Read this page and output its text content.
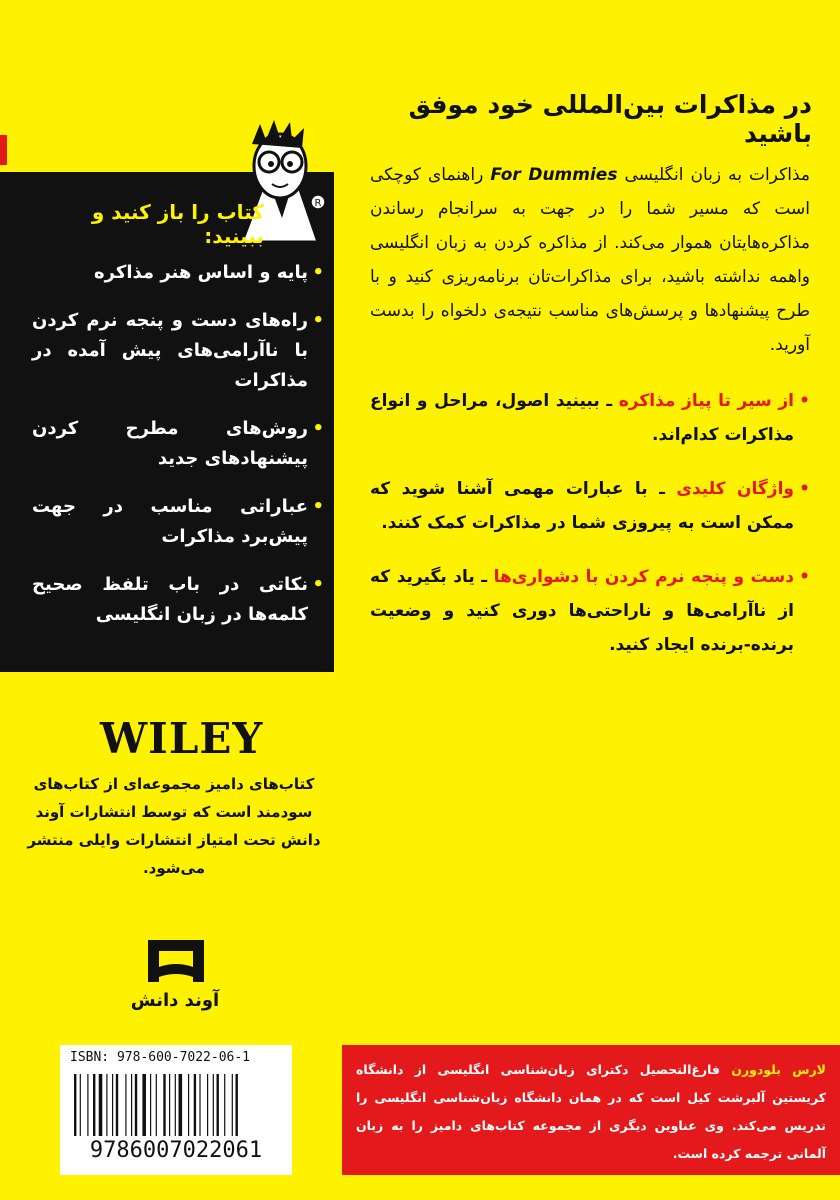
در مذاکرات بین‌المللی خود موفق باشید

مذاکرات به زبان انگلیسی For Dummies راهنمای کوچکی است که مسیر شما را در جهت به سرانجام رساندن مذاکره‌هایتان هموار می‌کند. از مذاکره کردن به زبان انگلیسی واهمه نداشته باشید، برای مذاکرات‌تان برنامه‌ریزی کنید و با طرح پیشنهادها و پرسش‌های مناسب نتیجه‌ی دلخواه را بدست آورید.

• از سیر تا پیاز مذاکره ـ ببینید اصول، مراحل و انواع مذاکرات کدام‌اند.
• واژگان کلیدی ـ با عبارات مهمی آشنا شوید که ممکن است به پیروزی شما در مذاکرات کمک کنند.
• دست و پنجه نرم کردن با دشواری‌ها ـ یاد بگیرید که از ناآرامی‌ها و ناراحتی‌ها دوری کنید و وضعیت برنده‑برنده ایجاد کنید.
R
کتاب را باز کنید و ببینید:
• پایه و اساس هنر مذاکره
• راه‌های دست و پنجه نرم کردن با ناآرامی‌های پیش آمده در مذاکرات
• روش‌های مطرح کردن پیشنهادهای جدید
• عباراتی مناسب در جهت پیش‌برد مذاکرات
• نکاتی در باب تلفظ صحیح کلمه‌ها در زبان انگلیسی
WILEY
کتاب‌های دامیز مجموعه‌ای از کتاب‌های سودمند است که توسط انتشارات آوند دانش تحت امتیاز انتشارات وایلی منتشر می‌شود.
آوند دانش
ISBN: 978-600-7022-06-1
9786007022061
لارس بلودورن فارغ‌التحصیل دکترای زبان‌شناسی انگلیسی از دانشگاه کریستین آلبرشت کیل است که در همان دانشگاه زبان‌شناسی انگلیسی را تدریس می‌کند. وی عناوین دیگری از مجموعه کتاب‌های دامیز را به زبان آلمانی ترجمه کرده است.
